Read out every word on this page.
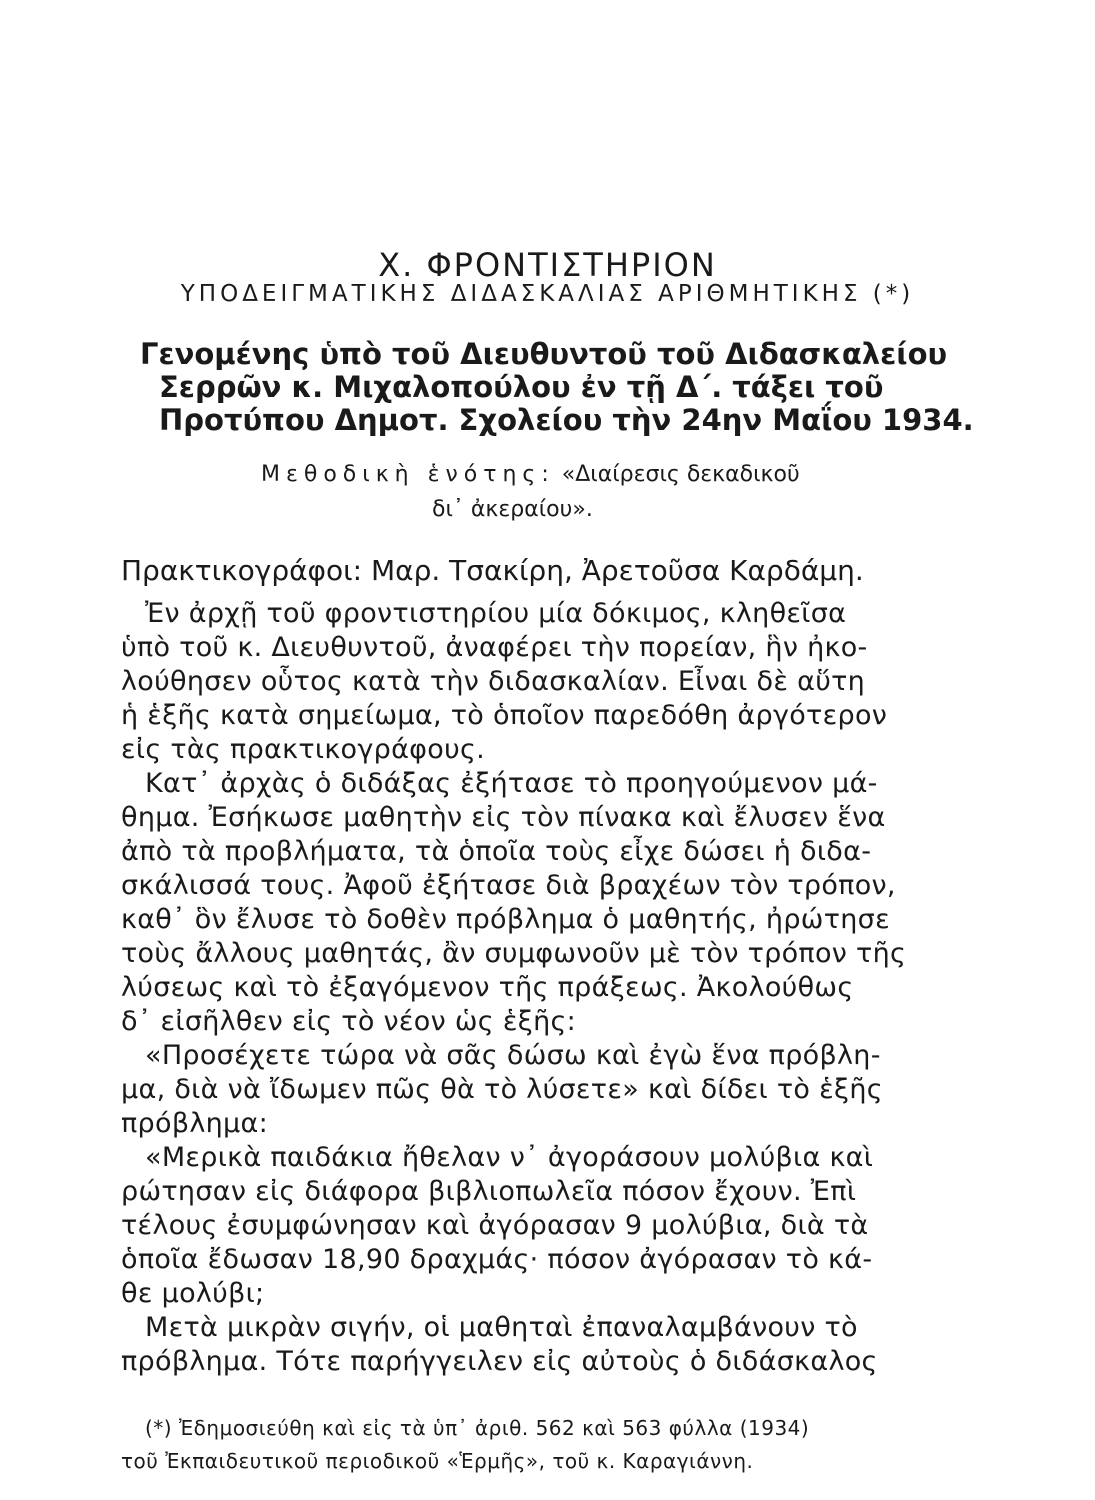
Χ. ΦΡΟΝΤΙΣΤΗΡΙΟΝ

ΥΠΟΔΕΙΓΜΑΤΙΚΗΣ ΔΙΔΑΣΚΑΛΙΑΣ ΑΡΙΘΜΗΤΙΚΗΣ (*)

Γενομένης ὑπὸ τοῦ Διευθυντοῦ τοῦ Διδασκαλείου

Σερρῶν κ. Μιχαλοπούλου ἐν τῇ Δ΄. τάξει τοῦ

Προτύπου Δημοτ. Σχολείου τὴν 24ην Μαΐου 1934.

Μεθοδικὴ ἑνότης: «Διαίρεσις δεκαδικοῦ

δι᾽ ἀκεραίου».

Πρακτικογράφοι: Μαρ. Τσακίρη, Ἀρετοῦσα Καρδάμη.

Ἐν ἀρχῇ τοῦ φροντιστηρίου μία δόκιμος, κληθεῖσα

ὑπὸ τοῦ κ. Διευθυντοῦ, ἀναφέρει τὴν πορείαν, ἣν ἠκο-

λούθησεν οὗτος κατὰ τὴν διδασκαλίαν. Εἶναι δὲ αὕτη

ἡ ἑξῆς κατὰ σημείωμα, τὸ ὁποῖον παρεδόθη ἀργότερον

εἰς τὰς πρακτικογράφους.

Κατ᾽ ἀρχὰς ὁ διδάξας ἐξήτασε τὸ προηγούμενον μά-

θημα. Ἐσήκωσε μαθητὴν εἰς τὸν πίνακα καὶ ἔλυσεν ἕνα

ἀπὸ τὰ προβλήματα, τὰ ὁποῖα τοὺς εἶχε δώσει ἡ διδα-

σκάλισσά τους. Ἀφοῦ ἐξήτασε διὰ βραχέων τὸν τρόπον,

καθ᾽ ὃν ἔλυσε τὸ δοθὲν πρόβλημα ὁ μαθητής, ἠρώτησε

τοὺς ἄλλους μαθητάς, ἂν συμφωνοῦν μὲ τὸν τρόπον τῆς

λύσεως καὶ τὸ ἐξαγόμενον τῆς πράξεως. Ἀκολούθως

δ᾽ εἰσῆλθεν εἰς τὸ νέον ὡς ἑξῆς:

«Προσέχετε τώρα νὰ σᾶς δώσω καὶ ἐγὼ ἕνα πρόβλη-

μα, διὰ νὰ ἴδωμεν πῶς θὰ τὸ λύσετε» καὶ δίδει τὸ ἑξῆς

πρόβλημα:

«Μερικὰ παιδάκια ἤθελαν ν᾽ ἀγοράσουν μολύβια καὶ

ρώτησαν εἰς διάφορα βιβλιοπωλεῖα πόσον ἔχουν. Ἐπὶ

τέλους ἐσυμφώνησαν καὶ ἀγόρασαν 9 μολύβια, διὰ τὰ

ὁποῖα ἔδωσαν 18,90 δραχμάς· πόσον ἀγόρασαν τὸ κά-

θε μολύβι;

Μετὰ μικρὰν σιγήν, οἱ μαθηταὶ ἐπαναλαμβάνουν τὸ

πρόβλημα. Τότε παρήγγειλεν εἰς αὐτοὺς ὁ διδάσκαλος

(*) Ἐδημοσιεύθη καὶ εἰς τὰ ὑπ᾽ ἀριθ. 562 καὶ 563 φύλλα (1934)

τοῦ Ἐκπαιδευτικοῦ περιοδικοῦ «Ἑρμῆς», τοῦ κ. Καραγιάννη.
